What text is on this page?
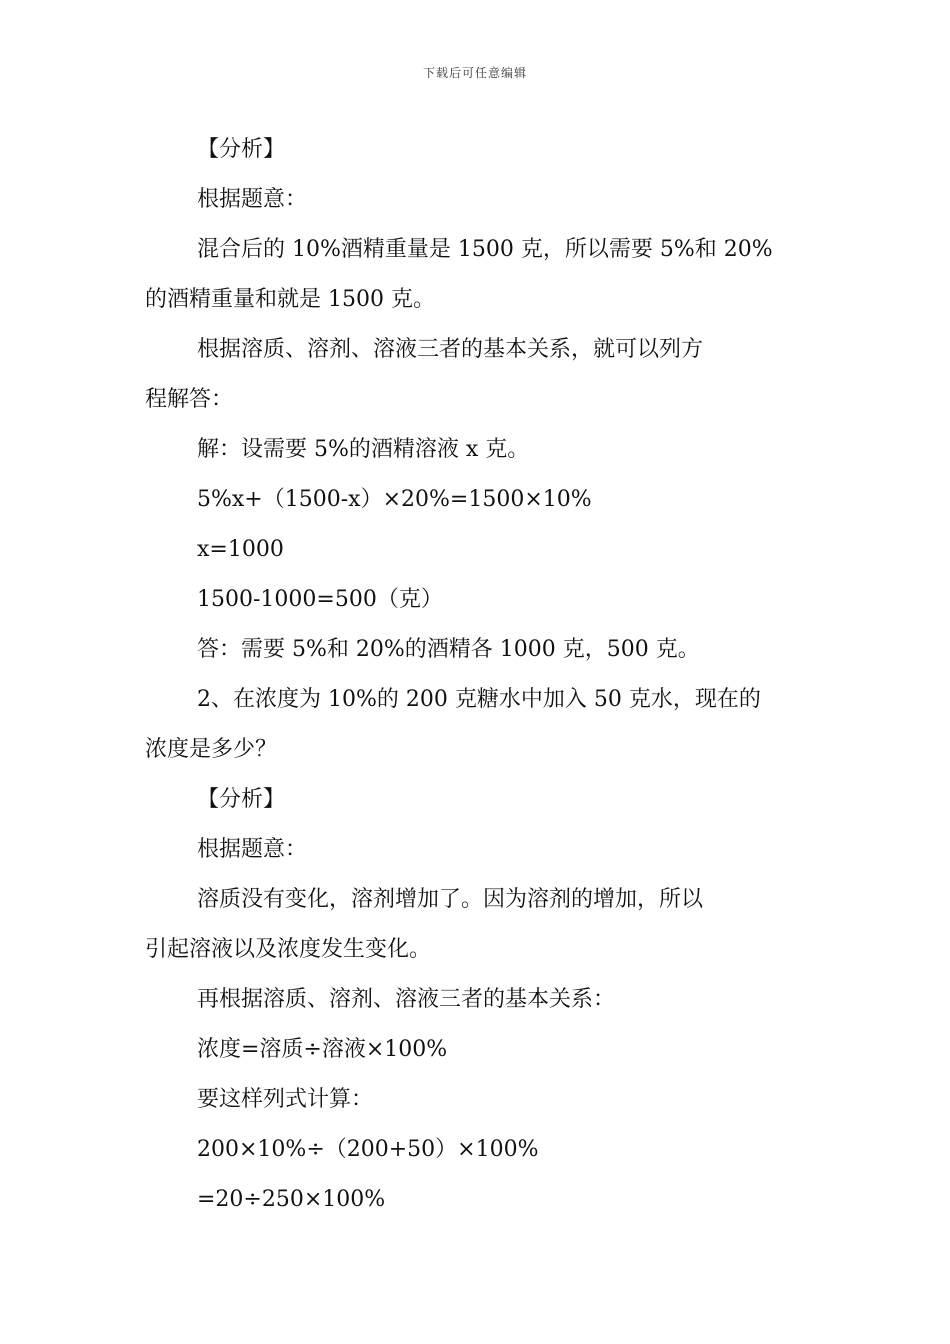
下载后可任意编辑
【分析】
根据题意：
混合后的 10%酒精重量是 1500 克，所以需要 5%和 20%
的酒精重量和就是 1500 克。
根据溶质、溶剂、溶液三者的基本关系，就可以列方
程解答：
解：设需要 5%的酒精溶液 x 克。
5%x+（1500-x）×20%=1500×10%
x=1000
1500-1000=500（克）
答：需要 5%和 20%的酒精各 1000 克，500 克。
2、在浓度为 10%的 200 克糖水中加入 50 克水，现在的
浓度是多少？
【分析】
根据题意：
溶质没有变化，溶剂增加了。因为溶剂的增加，所以
引起溶液以及浓度发生变化。
再根据溶质、溶剂、溶液三者的基本关系：
浓度=溶质÷溶液×100%
要这样列式计算：
200×10%÷（200+50）×100%
=20÷250×100%
